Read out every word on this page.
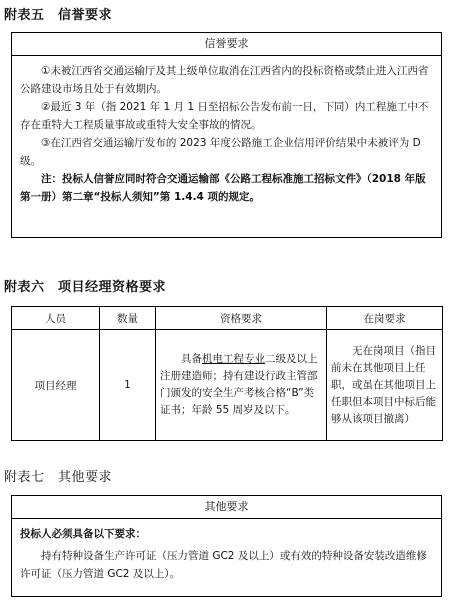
附表五　信誉要求
信誉要求

①未被江西省交通运输厅及其上级单位取消在江西省内的投标资格或禁止进入江西省公路建设市场且处于有效期内。

②最近 3 年（指 2021 年 1 月 1 日至招标公告发布前一日，下同）内工程施工中不存在重特大工程质量事故或重特大安全事故的情况。

③在江西省交通运输厅发布的 2023 年度公路施工企业信用评价结果中未被评为 D 级。

注：投标人信誉应同时符合交通运输部《公路工程标准施工招标文件》（2018 年版第一册）第二章“投标人须知”第 1.4.4 项的规定。

附表六　项目经理资格要求
人员	数量	资格要求	在岗要求
项目经理	1	具备机电工程专业二级及以上注册建造师；持有建设行政主管部门颁发的安全生产考核合格“B”类证书；年龄 55 周岁及以下。	无在岗项目（指目前未在其他项目上任职，或虽在其他项目上任职但本项目中标后能够从该项目撤离）
附表七　其他要求
其他要求

投标人必须具备以下要求：

持有特种设备生产许可证（压力管道 GC2 及以上）或有效的特种设备安装改造维修许可证（压力管道 GC2 及以上）。
